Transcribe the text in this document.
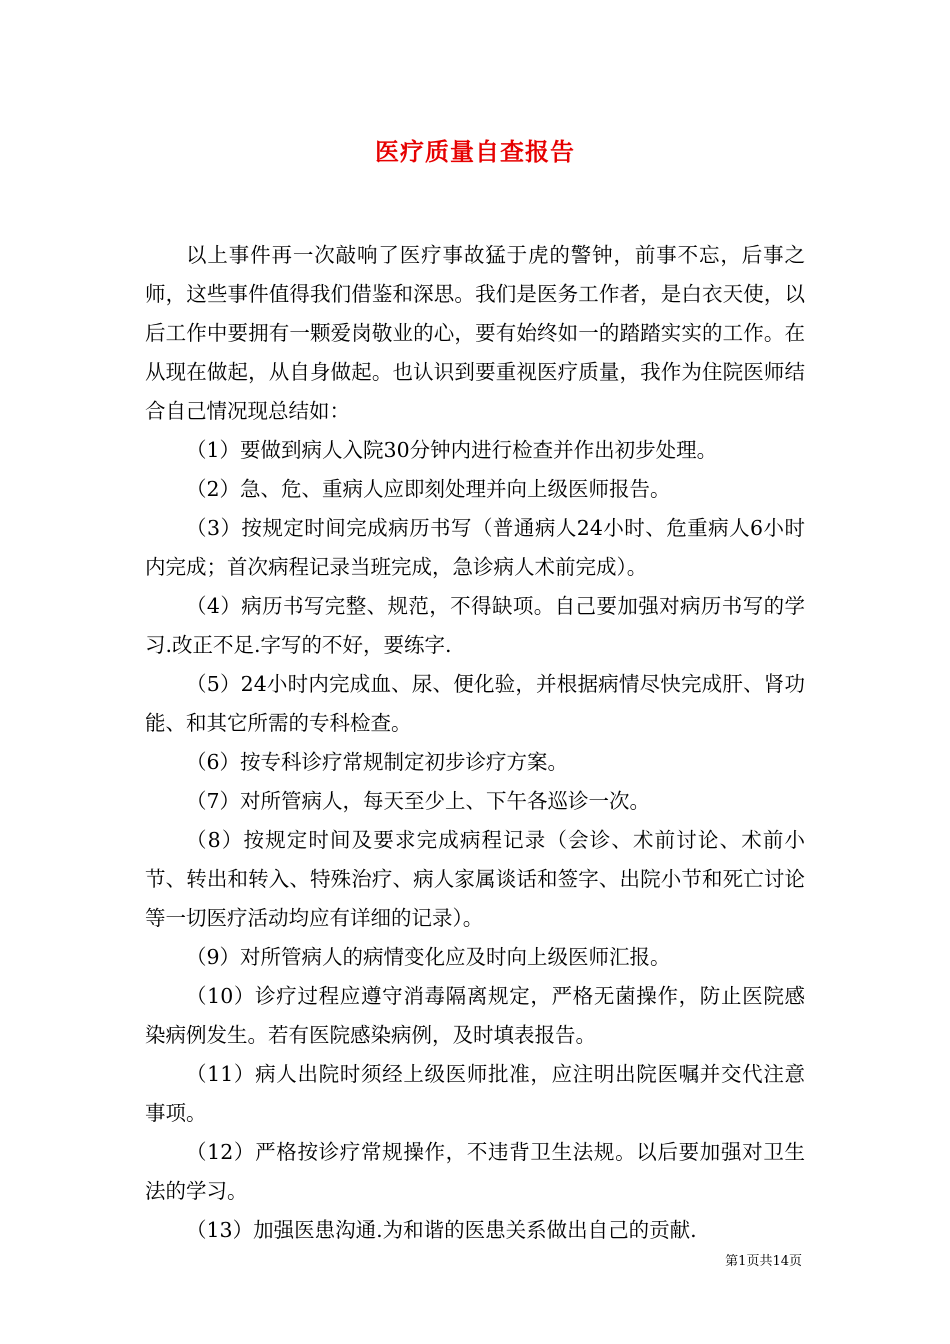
医疗质量自查报告

以上事件再一次敲响了医疗事故猛于虎的警钟，前事不忘，后事之师，这些事件值得我们借鉴和深思。我们是医务工作者，是白衣天使，以后工作中要拥有一颗爱岗敬业的心，要有始终如一的踏踏实实的工作。在从现在做起，从自身做起。也认识到要重视医疗质量，我作为住院医师结合自己情况现总结如：

（1）要做到病人入院30分钟内进行检查并作出初步处理。

（2）急、危、重病人应即刻处理并向上级医师报告。

（3）按规定时间完成病历书写（普通病人24小时、危重病人6小时内完成；首次病程记录当班完成，急诊病人术前完成）。

（4）病历书写完整、规范，不得缺项。自己要加强对病历书写的学习.改正不足.字写的不好，要练字.

（5）24小时内完成血、尿、便化验，并根据病情尽快完成肝、肾功能、和其它所需的专科检查。

（6）按专科诊疗常规制定初步诊疗方案。

（7）对所管病人，每天至少上、下午各巡诊一次。

（8）按规定时间及要求完成病程记录（会诊、术前讨论、术前小节、转出和转入、特殊治疗、病人家属谈话和签字、出院小节和死亡讨论等一切医疗活动均应有详细的记录）。

（9）对所管病人的病情变化应及时向上级医师汇报。

（10）诊疗过程应遵守消毒隔离规定，严格无菌操作，防止医院感染病例发生。若有医院感染病例，及时填表报告。

（11）病人出院时须经上级医师批准，应注明出院医嘱并交代注意事项。

（12）严格按诊疗常规操作，不违背卫生法规。以后要加强对卫生法的学习。

（13）加强医患沟通.为和谐的医患关系做出自己的贡献.

第1页共14页
